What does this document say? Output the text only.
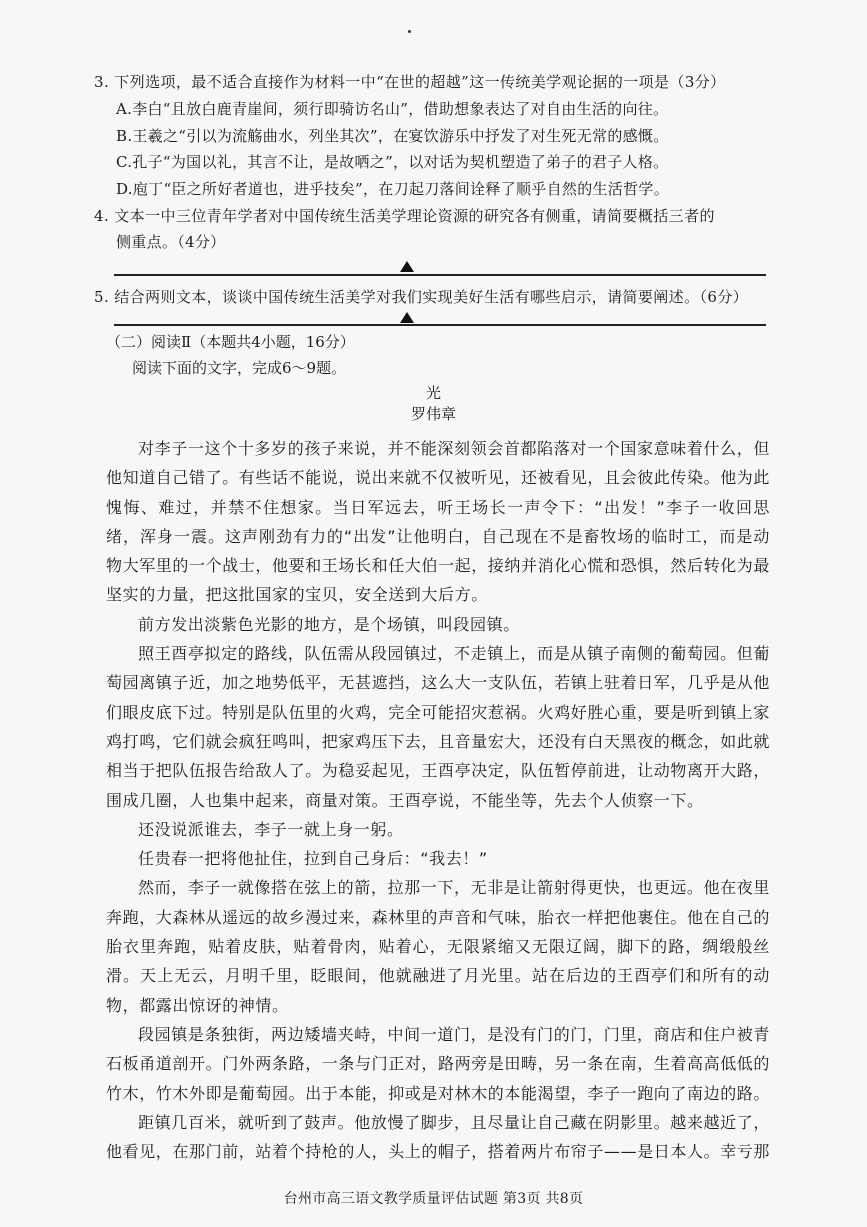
3. 下列选项，最不适合直接作为材料一中“在世的超越”这一传统美学观论据的一项是（3分）
A.李白“且放白鹿青崖间，须行即骑访名山”，借助想象表达了对自由生活的向往。
B.王羲之“引以为流觞曲水，列坐其次”，在宴饮游乐中抒发了对生死无常的感慨。
C.孔子“为国以礼，其言不让，是故哂之”，以对话为契机塑造了弟子的君子人格。
D.庖丁“臣之所好者道也，进乎技矣”，在刀起刀落间诠释了顺乎自然的生活哲学。
4. 文本一中三位青年学者对中国传统生活美学理论资源的研究各有侧重，请简要概括三者的
侧重点。（4分）
5. 结合两则文本，谈谈中国传统生活美学对我们实现美好生活有哪些启示，请简要阐述。（6分）
（二）阅读Ⅱ（本题共4小题，16分）
阅读下面的文字，完成6～9题。
光
罗伟章

对李子一这个十多岁的孩子来说，并不能深刻领会首都陷落对一个国家意味着什么，但他知道自己错了。有些话不能说，说出来就不仅被听见，还被看见，且会彼此传染。他为此愧悔、难过，并禁不住想家。当日军远去，听王场长一声令下：“出发！”李子一收回思绪，浑身一震。这声刚劲有力的“出发”让他明白，自己现在不是畜牧场的临时工，而是动物大军里的一个战士，他要和王场长和任大伯一起，接纳并消化心慌和恐惧，然后转化为最坚实的力量，把这批国家的宝贝，安全送到大后方。

前方发出淡紫色光影的地方，是个场镇，叫段园镇。

照王酉亭拟定的路线，队伍需从段园镇过，不走镇上，而是从镇子南侧的葡萄园。但葡萄园离镇子近，加之地势低平，无甚遮挡，这么大一支队伍，若镇上驻着日军，几乎是从他们眼皮底下过。特别是队伍里的火鸡，完全可能招灾惹祸。火鸡好胜心重，要是听到镇上家鸡打鸣，它们就会疯狂鸣叫，把家鸡压下去，且音量宏大，还没有白天黑夜的概念，如此就相当于把队伍报告给敌人了。为稳妥起见，王酉亭决定，队伍暂停前进，让动物离开大路，围成几圈，人也集中起来，商量对策。王酉亭说，不能坐等，先去个人侦察一下。

还没说派谁去，李子一就上身一躬。

任贵春一把将他扯住，拉到自己身后：“我去！”

然而，李子一就像搭在弦上的箭，拉那一下，无非是让箭射得更快，也更远。他在夜里奔跑，大森林从遥远的故乡漫过来，森林里的声音和气味，胎衣一样把他裹住。他在自己的胎衣里奔跑，贴着皮肤，贴着骨肉，贴着心，无限紧缩又无限辽阔，脚下的路，绸缎般丝滑。天上无云，月明千里，眨眼间，他就融进了月光里。站在后边的王酉亭们和所有的动物，都露出惊讶的神情。

段园镇是条独街，两边矮墙夹峙，中间一道门，是没有门的门，门里，商店和住户被青石板甬道剖开。门外两条路，一条与门正对，路两旁是田畴，另一条在南，生着高高低低的竹木，竹木外即是葡萄园。出于本能，抑或是对林木的本能渴望，李子一跑向了南边的路。

距镇几百米，就听到了鼓声。他放慢了脚步，且尽量让自己藏在阴影里。越来越近了，他看见，在那门前，站着个持枪的人，头上的帽子，搭着两片布帘子——是日本人。幸亏那

台州市高三语文教学质量评估试题 第3页 共8页
